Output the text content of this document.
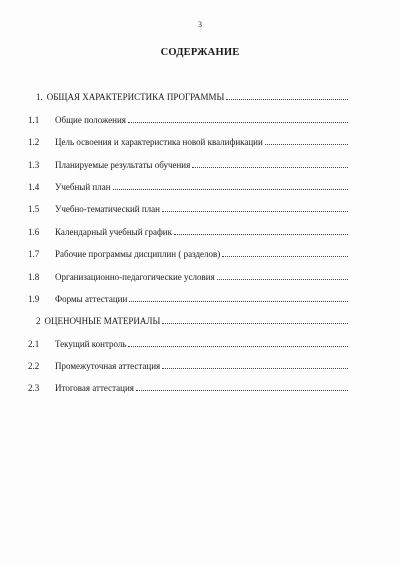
3
СОДЕРЖАНИЕ
1. ОБЩАЯ ХАРАКТЕРИСТИКА ПРОГРАММЫ
1.1	Общие положения
1.2	Цель освоения и характеристика новой квалификации
1.3	Планируемые результаты обучения
1.4	Учебный план
1.5	Учебно-тематический план
1.6	Календарный учебный график
1.7	Рабочие программы дисциплин ( разделов)
1.8	Организационно-педагогические условия
1.9	Формы аттестации
2 ОЦЕНОЧНЫЕ МАТЕРИАЛЫ
2.1	Текущий контроль
2.2	Промежуточная аттестация
2.3	Итоговая аттестация
